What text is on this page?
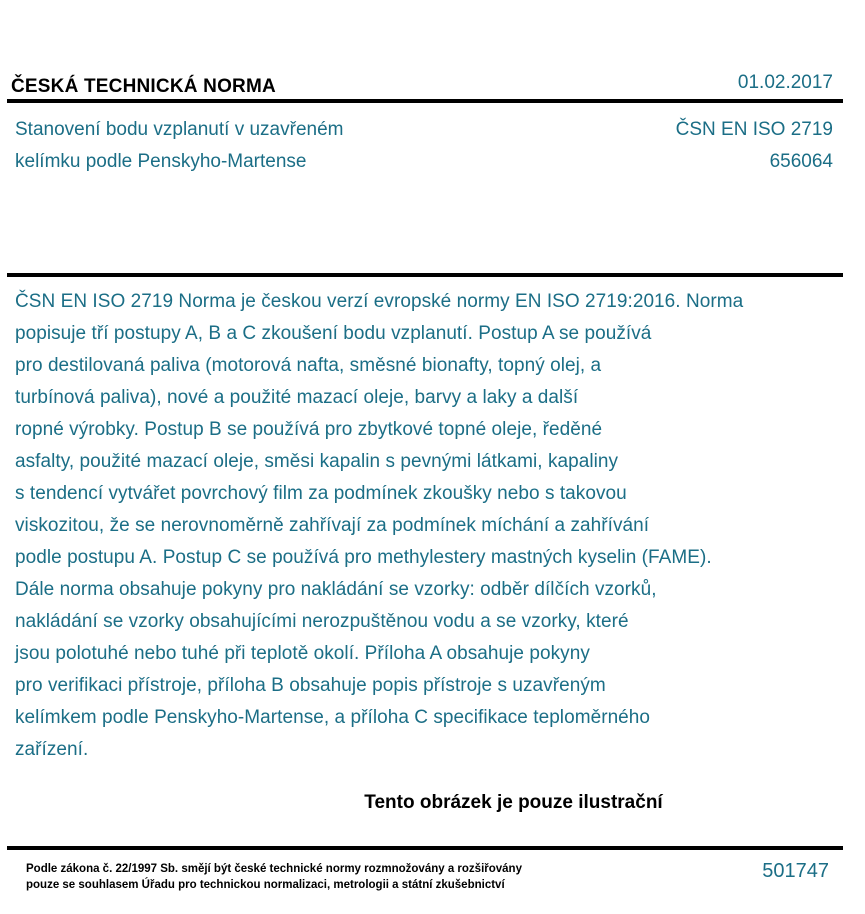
ČESKÁ TECHNICKÁ NORMA	01.02.2017
Stanovení bodu vzplanutí v uzavřeném
kelímku podle Penskyho-Martense
ČSN EN ISO 2719
656064
ČSN EN ISO 2719 Norma je českou verzí evropské normy EN ISO 2719:2016. Norma
popisuje tří postupy A, B a C zkoušení bodu vzplanutí. Postup A se používá
pro destilovaná paliva (motorová nafta, směsné bionafty, topný olej, a
turbínová paliva), nové a použité mazací oleje, barvy a laky a další
ropné výrobky. Postup B se používá pro zbytkové topné oleje, ředěné
asfalty, použité mazací oleje, směsi kapalin s pevnými látkami, kapaliny
s tendencí vytvářet povrchový film za podmínek zkoušky nebo s takovou
viskozitou, že se nerovnoměrně zahřívají za podmínek míchání a zahřívání
podle postupu A. Postup C se používá pro methylestery mastných kyselin (FAME).
Dále norma obsahuje pokyny pro nakládání se vzorky: odběr dílčích vzorků,
nakládání se vzorky obsahujícími nerozpuštěnou vodu a se vzorky, které
jsou polotuhé nebo tuhé při teplotě okolí. Příloha A obsahuje pokyny
pro verifikaci přístroje, příloha B obsahuje popis přístroje s uzavřeným
kelímkem podle Penskyho-Martense, a příloha C specifikace teploměrného
zařízení.
Tento obrázek je pouze ilustrační
Podle zákona č. 22/1997 Sb. smějí být české technické normy rozmnožovány a rozšiřovány
pouze se souhlasem Úřadu pro technickou normalizaci, metrologii a státní zkušebnictví
501747
